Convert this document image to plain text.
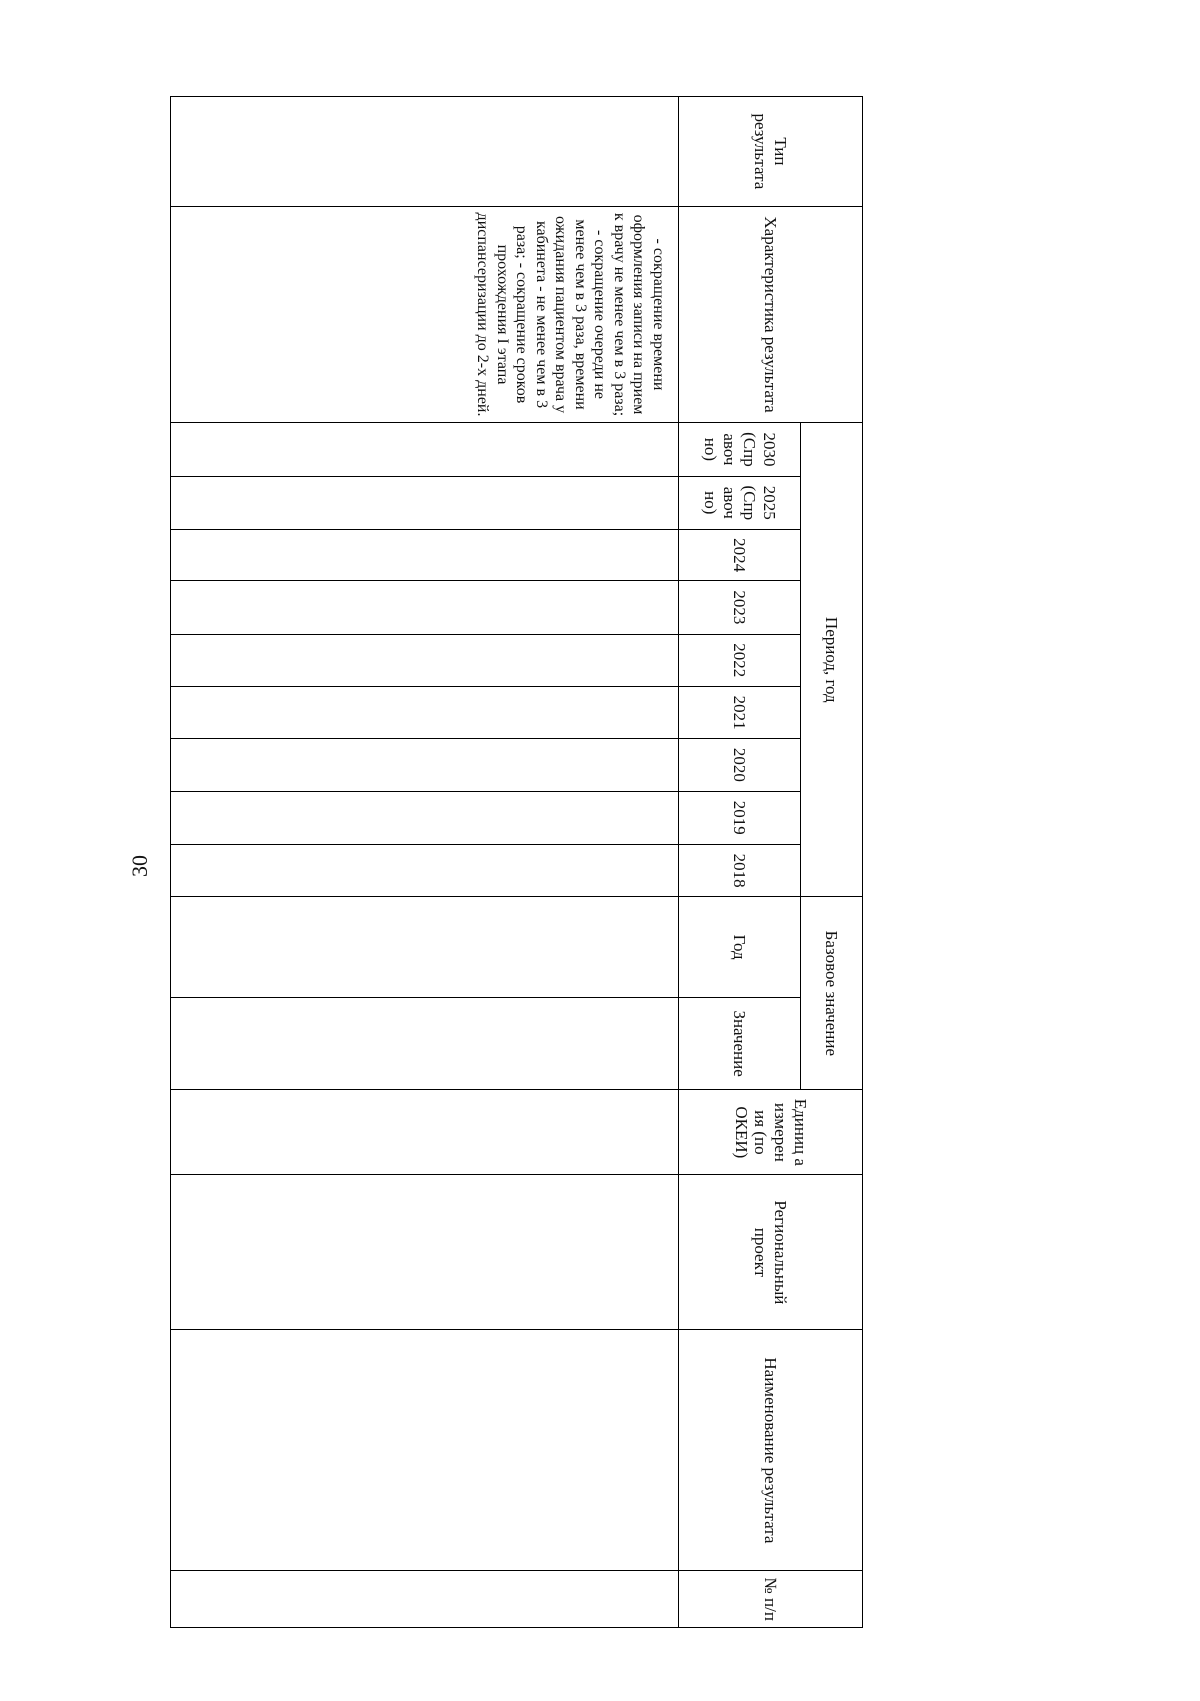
30
Тип результата	Характеристика результата	Период, год									Базовое значение		Единиц а измерен ия (по ОКЕИ)	Региональный проект	Наименование результата	№ п/п
		2030 (Спр авоч но)	2025 (Спр авоч но)	2024	2023	2022	2021	2020	2019	2018	Год	Значение				
	- сокращение времени оформления записи на прием к врачу не менее чем в 3 раза; - сокращение очереди не менее чем в 3 раза, времени ожидания пациентом врача у кабинета - не менее чем в 3 раза; - сокращение сроков прохождения I этапа диспансеризации до 2-х дней.															
